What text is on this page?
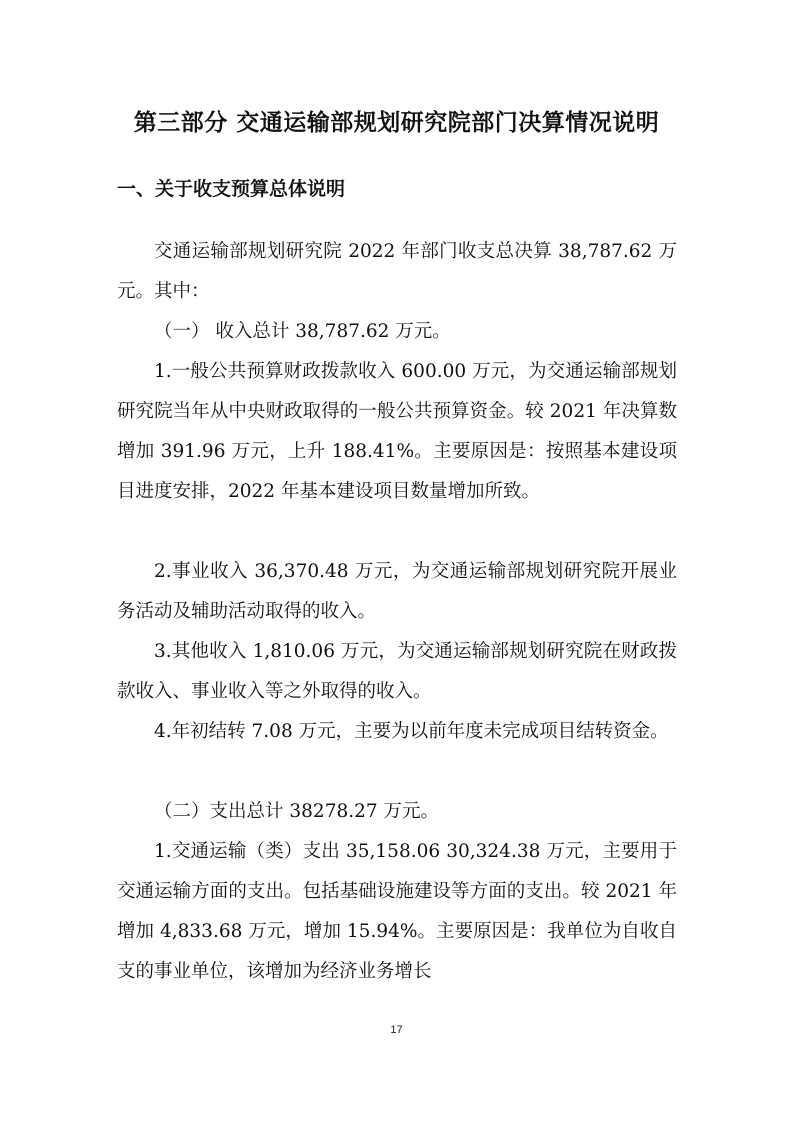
第三部分 交通运输部规划研究院部门决算情况说明
一、关于收支预算总体说明

交通运输部规划研究院 2022 年部门收支总决算 38,787.62 万元。其中：

（一） 收入总计 38,787.62 万元。

1.一般公共预算财政拨款收入 600.00 万元，为交通运输部规划研究院当年从中央财政取得的一般公共预算资金。较 2021 年决算数增加 391.96 万元，上升 188.41%。主要原因是：按照基本建设项目进度安排，2022 年基本建设项目数量增加所致。

2.事业收入 36,370.48 万元，为交通运输部规划研究院开展业务活动及辅助活动取得的收入。

3.其他收入 1,810.06 万元，为交通运输部规划研究院在财政拨款收入、事业收入等之外取得的收入。

4.年初结转 7.08 万元，主要为以前年度未完成项目结转资金。

（二）支出总计 38278.27 万元。

1.交通运输（类）支出 35,158.06 30,324.38 万元，主要用于交通运输方面的支出。包括基础设施建设等方面的支出。较 2021 年增加 4,833.68 万元，增加 15.94%。主要原因是：我单位为自收自支的事业单位，该增加为经济业务增长

17
